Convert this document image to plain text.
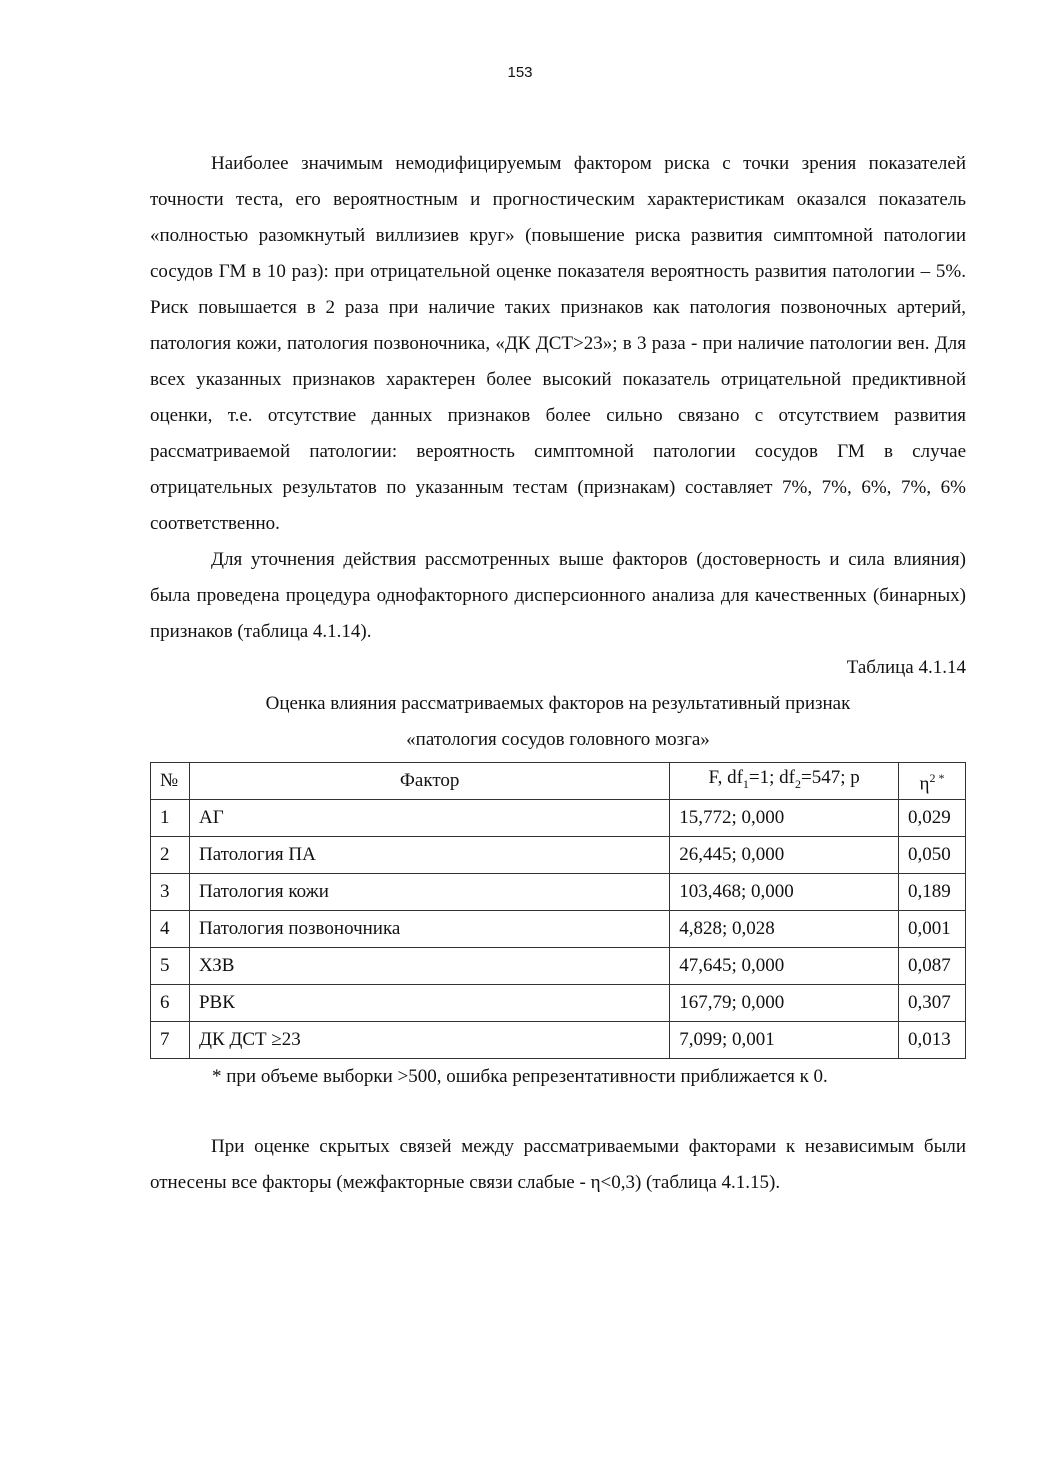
153

Наиболее значимым немодифицируемым фактором риска с точки зрения показателей точности теста, его вероятностным и прогностическим характеристикам оказался показатель «полностью разомкнутый виллизиев круг» (повышение риска развития симптомной патологии сосудов ГМ в 10 раз): при отрицательной оценке показателя вероятность развития патологии – 5%. Риск повышается в 2 раза при наличие таких признаков как патология позвоночных артерий, патология кожи, патология позвоночника, «ДК ДСТ>23»; в 3 раза - при наличие патологии вен. Для всех указанных признаков характерен более высокий показатель отрицательной предиктивной оценки, т.е. отсутствие данных признаков более сильно связано с отсутствием развития рассматриваемой патологии: вероятность симптомной патологии сосудов ГМ в случае отрицательных результатов по указанным тестам (признакам) составляет 7%, 7%, 6%, 7%, 6% соответственно.

Для уточнения действия рассмотренных выше факторов (достоверность и сила влияния) была проведена процедура однофакторного дисперсионного анализа для качественных (бинарных) признаков (таблица 4.1.14).

Таблица 4.1.14

Оценка влияния рассматриваемых факторов на результативный признак

«патология сосудов головного мозга»

№	Фактор	F, $df_1=1$; $df_2=547$; p	$\eta^{2 *}$
1	АГ	15,772; 0,000	0,029
2	Патология ПА	26,445; 0,000	0,050
3	Патология кожи	103,468; 0,000	0,189
4	Патология позвоночника	4,828; 0,028	0,001
5	ХЗВ	47,645; 0,000	0,087
6	РВК	167,79; 0,000	0,307
7	ДК ДСТ ≥23	7,099; 0,001	0,013

* при объеме выборки >500, ошибка репрезентативности приближается к 0.

При оценке скрытых связей между рассматриваемыми факторами к независимым были отнесены все факторы (межфакторные связи слабые - η<0,3) (таблица 4.1.15).
